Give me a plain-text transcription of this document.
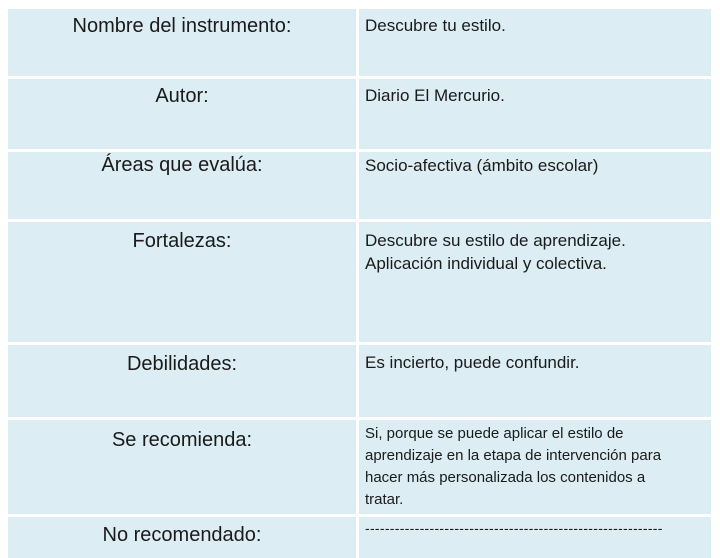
Nombre del instrumento:	Descubre tu estilo.
Autor:	Diario El Mercurio.
Áreas que evalúa:	Socio-afectiva (ámbito escolar)
Fortalezas:	Descubre su estilo de aprendizaje.
Aplicación individual y colectiva.
Debilidades:	Es incierto, puede confundir.
Se recomienda:	Si, porque se puede aplicar el estilo de
aprendizaje en la etapa de intervención para
hacer más personalizada los contenidos a
tratar.
No recomendado:	------------------------------------------------------------
